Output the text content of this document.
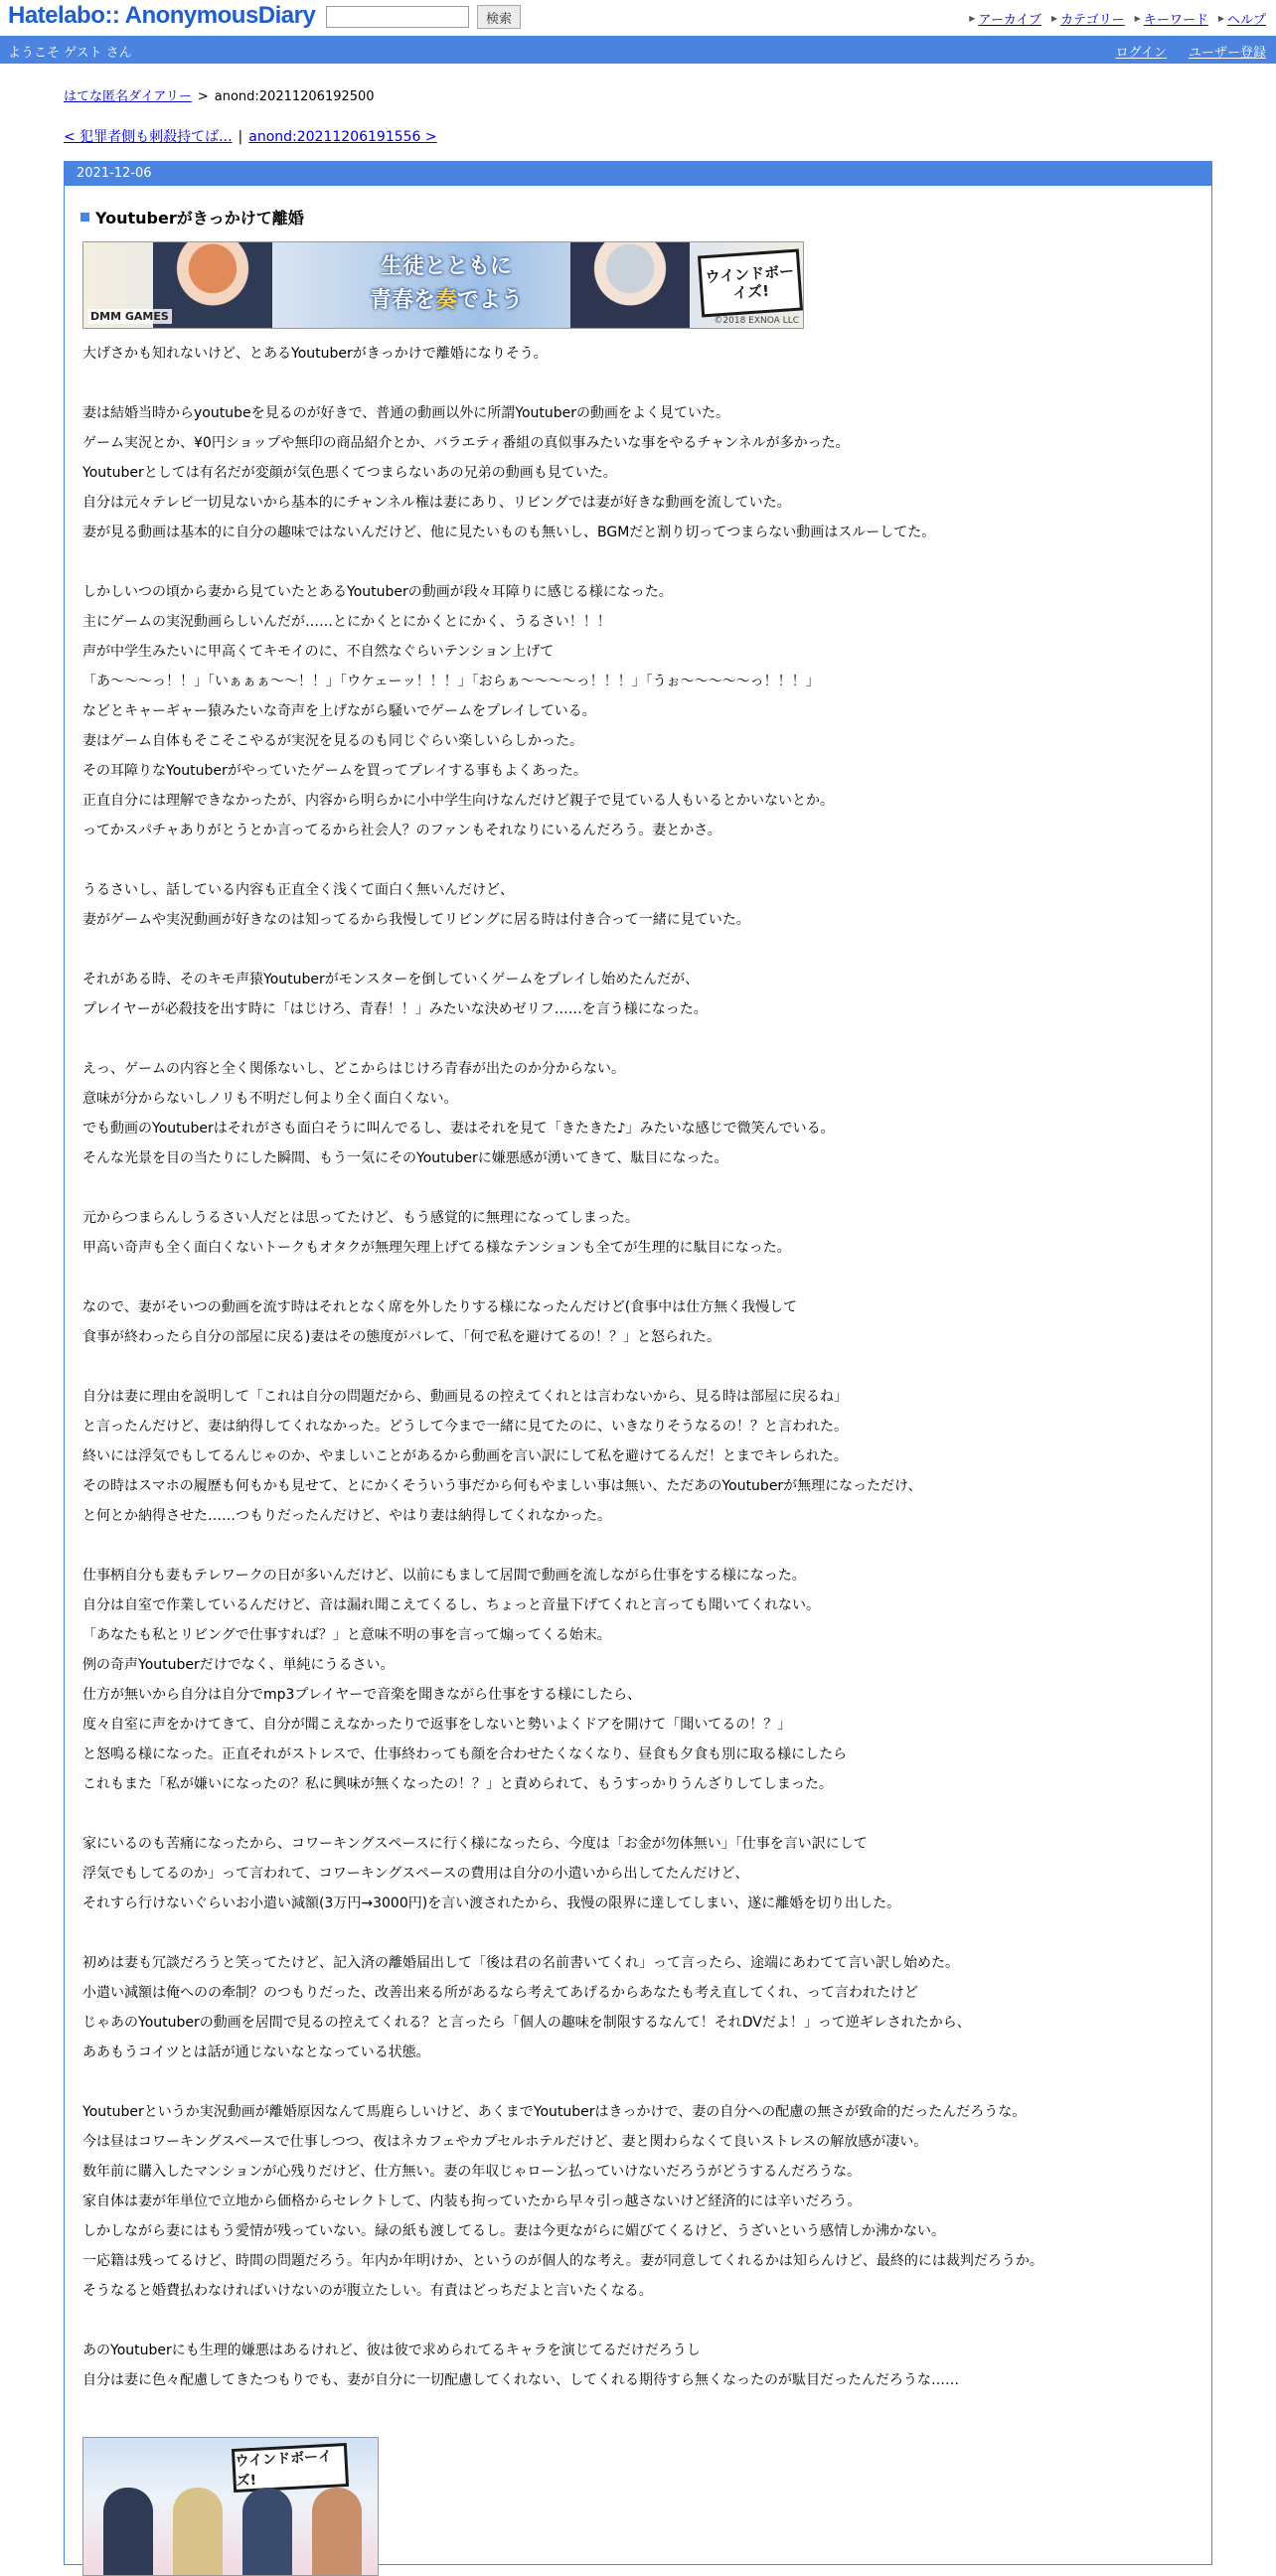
Hatelabo:: AnonymousDiary	検索	▶ アーカイブ ▶ カテゴリー ▶ キーワード ▶ ヘルプ
ようこそ ゲスト さん	ログイン ユーザー登録
はてな匿名ダイアリー > anond:20211206192500
< 犯罪者側も刺殺持てば... | anond:20211206191556 >
2021-12-06
Youtuberがきっかけて離婚
DMM GAMES
生徒とともに
青春を奏でよう
ウインドボーイズ!
©2018 EXNOA LLC

大げさかも知れないけど、とあるYoutuberがきっかけで離婚になりそう。

妻は結婚当時からyoutubeを見るのが好きで、普通の動画以外に所謂Youtuberの動画をよく見ていた。
ゲーム実況とか、¥0円ショップや無印の商品紹介とか、バラエティ番組の真似事みたいな事をやるチャンネルが多かった。
Youtuberとしては有名だが変顔が気色悪くてつまらないあの兄弟の動画も見ていた。
自分は元々テレビ一切見ないから基本的にチャンネル権は妻にあり、リビングでは妻が好きな動画を流していた。
妻が見る動画は基本的に自分の趣味ではないんだけど、他に見たいものも無いし、BGMだと割り切ってつまらない動画はスルーしてた。

しかしいつの頃から妻から見ていたとあるYoutuberの動画が段々耳障りに感じる様になった。
主にゲームの実況動画らしいんだが……とにかくとにかくとにかく、うるさい！！！
声が中学生みたいに甲高くてキモイのに、不自然なぐらいテンション上げて
「あ～～～っ！！」「いぁぁぁ～～！！」「ウケェーッ！！！」「おらぁ～～～～っ！！！」「うぉ～～～～～っ！！！」
などとキャーギャー猿みたいな奇声を上げながら騒いでゲームをプレイしている。
妻はゲーム自体もそこそこやるが実況を見るのも同じぐらい楽しいらしかった。
その耳障りなYoutuberがやっていたゲームを買ってプレイする事もよくあった。
正直自分には理解できなかったが、内容から明らかに小中学生向けなんだけど親子で見ている人もいるとかいないとか。
ってかスパチャありがとうとか言ってるから社会人？のファンもそれなりにいるんだろう。妻とかさ。

うるさいし、話している内容も正直全く浅くて面白く無いんだけど、
妻がゲームや実況動画が好きなのは知ってるから我慢してリビングに居る時は付き合って一緒に見ていた。

それがある時、そのキモ声猿Youtuberがモンスターを倒していくゲームをプレイし始めたんだが、
プレイヤーが必殺技を出す時に「はじけろ、青春！！」みたいな決めゼリフ……を言う様になった。

えっ、ゲームの内容と全く関係ないし、どこからはじけろ青春が出たのか分からない。
意味が分からないしノリも不明だし何より全く面白くない。
でも動画のYoutuberはそれがさも面白そうに叫んでるし、妻はそれを見て「きたきた♪」みたいな感じで微笑んでいる。
そんな光景を目の当たりにした瞬間、もう一気にそのYoutuberに嫌悪感が湧いてきて、駄目になった。

元からつまらんしうるさい人だとは思ってたけど、もう感覚的に無理になってしまった。
甲高い奇声も全く面白くないトークもオタクが無理矢理上げてる様なテンションも全てが生理的に駄目になった。

なので、妻がそいつの動画を流す時はそれとなく席を外したりする様になったんだけど(食事中は仕方無く我慢して
食事が終わったら自分の部屋に戻る)妻はその態度がバレて、「何で私を避けてるの！？」と怒られた。

自分は妻に理由を説明して「これは自分の問題だから、動画見るの控えてくれとは言わないから、見る時は部屋に戻るね」
と言ったんだけど、妻は納得してくれなかった。どうして今まで一緒に見てたのに、いきなりそうなるの！？と言われた。
終いには浮気でもしてるんじゃのか、やましいことがあるから動画を言い訳にして私を避けてるんだ！とまでキレられた。
その時はスマホの履歴も何もかも見せて、とにかくそういう事だから何もやましい事は無い、ただあのYoutuberが無理になっただけ、
と何とか納得させた……つもりだったんだけど、やはり妻は納得してくれなかった。

仕事柄自分も妻もテレワークの日が多いんだけど、以前にもまして居間で動画を流しながら仕事をする様になった。
自分は自室で作業しているんだけど、音は漏れ聞こえてくるし、ちょっと音量下げてくれと言っても聞いてくれない。
「あなたも私とリビングで仕事すれば？」と意味不明の事を言って煽ってくる始末。
例の奇声Youtuberだけでなく、単純にうるさい。
仕方が無いから自分は自分でmp3プレイヤーで音楽を聞きながら仕事をする様にしたら、
度々自室に声をかけてきて、自分が聞こえなかったりで返事をしないと勢いよくドアを開けて「聞いてるの！？」
と怒鳴る様になった。正直それがストレスで、仕事終わっても顔を合わせたくなくなり、昼食も夕食も別に取る様にしたら
これもまた「私が嫌いになったの？私に興味が無くなったの！？」と責められて、もうすっかりうんざりしてしまった。

家にいるのも苦痛になったから、コワーキングスペースに行く様になったら、今度は「お金が勿体無い」「仕事を言い訳にして
浮気でもしてるのか」って言われて、コワーキングスペースの費用は自分の小遣いから出してたんだけど、
それすら行けないぐらいお小遣い減額(3万円→3000円)を言い渡されたから、我慢の限界に達してしまい、遂に離婚を切り出した。

初めは妻も冗談だろうと笑ってたけど、記入済の離婚届出して「後は君の名前書いてくれ」って言ったら、途端にあわてて言い訳し始めた。
小遣い減額は俺へのの牽制？のつもりだった、改善出来る所があるなら考えてあげるからあなたも考え直してくれ、って言われたけど
じゃあのYoutuberの動画を居間で見るの控えてくれる？と言ったら「個人の趣味を制限するなんて！それDVだよ！」って逆ギレされたから、
ああもうコイツとは話が通じないなとなっている状態。

Youtuberというか実況動画が離婚原因なんて馬鹿らしいけど、あくまでYoutuberはきっかけで、妻の自分への配慮の無さが致命的だったんだろうな。
今は昼はコワーキングスペースで仕事しつつ、夜はネカフェやカプセルホテルだけど、妻と関わらなくて良いストレスの解放感が凄い。
数年前に購入したマンションが心残りだけど、仕方無い。妻の年収じゃローン払っていけないだろうがどうするんだろうな。
家自体は妻が年単位で立地から価格からセレクトして、内装も拘っていたから早々引っ越さないけど経済的には辛いだろう。
しかしながら妻にはもう愛情が残っていない。緑の紙も渡してるし。妻は今更ながらに媚びてくるけど、うざいという感情しか沸かない。
一応籍は残ってるけど、時間の問題だろう。年内か年明けか、というのが個人的な考え。妻が同意してくれるかは知らんけど、最終的には裁判だろうか。
そうなると婚費払わなければいけないのが腹立たしい。有責はどっちだよと言いたくなる。

あのYoutuberにも生理的嫌悪はあるけれど、彼は彼で求められてるキャラを演じてるだけだろうし
自分は妻に色々配慮してきたつもりでも、妻が自分に一切配慮してくれない、してくれる期待すら無くなったのが駄目だったんだろうな……

ウインドボーイズ!
